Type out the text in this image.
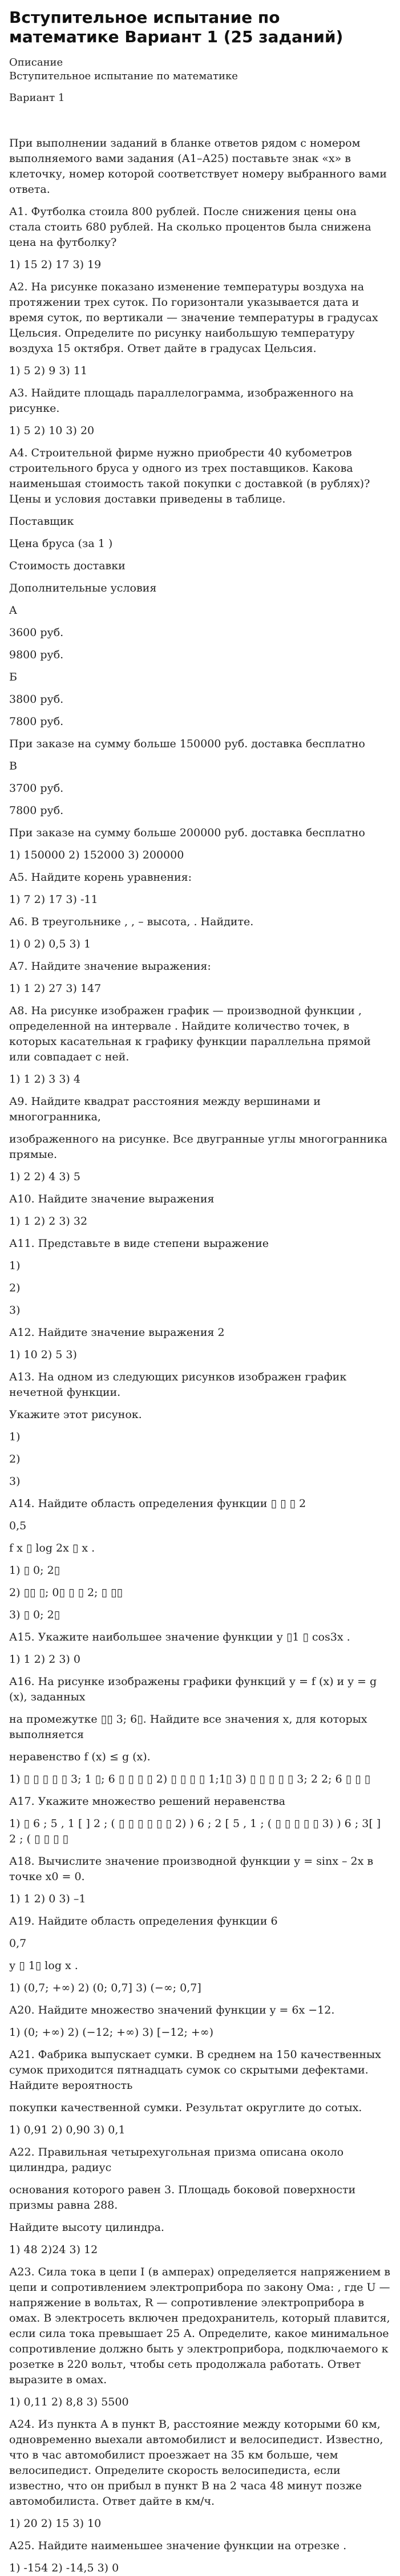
Вступительное испытание по математике Вариант 1 (25 заданий)
Описание
Вступительное испытание по математике
Вариант 1

При выполнении заданий в бланке ответов рядом с номером выполняемого вами задания (А1–А25) поставьте знак «х» в клеточку, номер которой соответствует номеру выбранного вами ответа.
А1. Футболка стоила 800 рублей. После снижения цены она стала стоить 680 рублей. На сколько процентов была снижена цена на футболку?
1) 15 2) 17 3) 19
А2. На рисунке показано изменение температуры воздуха на протяжении трех суток. По горизонтали указывается дата и время суток, по вертикали — значение температуры в градусах Цельсия. Определите по рисунку наибольшую температуру воздуха 15 октября. Ответ дайте в градусах Цельсия.
1) 5 2) 9 3) 11
А3. Найдите площадь параллелограмма, изображенного на рисунке.
1) 5 2) 10 3) 20
А4. Строительной фирме нужно приобрести 40 кубометров строительного бруса у одного из трех поставщиков. Какова наименьшая стоимость такой покупки с доставкой (в рублях)? Цены и условия доставки приведены в таблице.
Поставщик
Цена бруса (за 1 )
Стоимость доставки
Дополнительные условия
A
3600 руб.
9800 руб.
Б
3800 руб.
7800 руб.
При заказе на сумму больше 150000 руб. доставка бесплатно
В
3700 руб.
7800 руб.
При заказе на сумму больше 200000 руб. доставка бесплатно
1) 150000 2) 152000 3) 200000
А5. Найдите корень уравнения:
1) 7 2) 17 3) -11
А6. В треугольнике , , – высота, . Найдите.
1) 0 2) 0,5 3) 1
А7. Найдите значение выражения:
1) 1 2) 27 3) 147
А8. На рисунке изображен график — производной функции , определенной на интервале . Найдите количество точек, в которых касательная к графику функции параллельна прямой или совпадает с ней.
1) 1 2) 3 3) 4
А9. Найдите квадрат расстояния между вершинами и многогранника,
изображенного на рисунке. Все двугранные углы многогранника прямые.
1) 2 2) 4 3) 5
А10. Найдите значение выражения
1) 1 2) 2 3) 32
А11. Представьте в виде степени выражение
1)
2)
3)
А12. Найдите значение выражения 2
1) 10 2) 5 3)
А13. На одном из следующих рисунков изображен график нечетной функции.
Укажите этот рисунок.
1)
2)
3)
А14. Найдите область определения функции ▯ ▯ ▯ 2
0,5
f x ▯ log 2x ▯ x .
1) ▯ 0; 2▯
2) ▯▯ ▯; 0▯ ▯ ▯ 2; ▯ ▯▯
3) ▯ 0; 2▯
А15. Укажите наибольшее значение функции у ▯1 ▯ cos3x .
1) 1 2) 2 3) 0
А16. На рисунке изображены графики функций у = f (x) и y = g (x), заданных
на промежутке ▯▯ 3; 6▯. Найдите все значения х, для которых выполняется
неравенство f (x) ≤ g (x).
1) ▯ ▯ ▯ ▯ ▯ 3; 1 ▯; 6 ▯ ▯ ▯ ▯ 2) ▯ ▯ ▯ ▯ 1;1▯ 3) ▯ ▯ ▯ ▯ ▯ 3; 2 2; 6 ▯ ▯ ▯
А17. Укажите множество решений неравенства
1) ▯ 6 ; 5 , 1 [ ] 2 ; ( ▯ ▯ ▯ ▯ ▯ ▯ 2) ) 6 ; 2 [ 5 , 1 ; ( ▯ ▯ ▯ ▯ ▯ 3) ) 6 ; 3[ ] 2 ; ( ▯ ▯ ▯ ▯
А18. Вычислите значение производной функции у = sinx – 2x в точке х0 = 0.
1) 1 2) 0 3) –1
А19. Найдите область определения функции 6
0,7
у ▯ 1▯ log x .
1) (0,7; +∞) 2) (0; 0,7] 3) (−∞; 0,7]
А20. Найдите множество значений функции y = 6x −12.
1) (0; +∞) 2) (−12; +∞) 3) [−12; +∞)
А21. Фабрика выпускает сумки. В среднем на 150 качественных сумок приходится пятнадцать сумок со скрытыми дефектами. Найдите вероятность
покупки качественной сумки. Результат округлите до сотых.
1) 0,91 2) 0,90 3) 0,1
А22. Правильная четырехугольная призма описана около цилиндра, радиус
основания которого равен 3. Площадь боковой поверхности призмы равна 288.
Найдите высоту цилиндра.
1) 48 2)24 3) 12
А23. Сила тока в цепи I (в амперах) определяется напряжением в цепи и сопротивлением электроприбора по закону Ома: , где U — напряжение в вольтах, R — сопротивление электроприбора в омах. В электросеть включен предохранитель, который плавится, если сила тока превышает 25 А. Определите, какое минимальное сопротивление должно быть у электроприбора, подключаемого к розетке в 220 вольт, чтобы сеть продолжала работать. Ответ выразите в омах.
1) 0,11 2) 8,8 3) 5500
А24. Из пункта А в пункт В, расстояние между которыми 60 км, одновременно выехали автомобилист и велосипедист. Известно, что в час автомобилист проезжает на 35 км больше, чем велосипедист. Определите скорость велосипедиста, если известно, что он прибыл в пункт В на 2 часа 48 минут позже автомобилиста. Ответ дайте в км/ч.
1) 20 2) 15 3) 10
А25. Найдите наименьшее значение функции на отрезке .
1) -154 2) -14,5 3) 0
